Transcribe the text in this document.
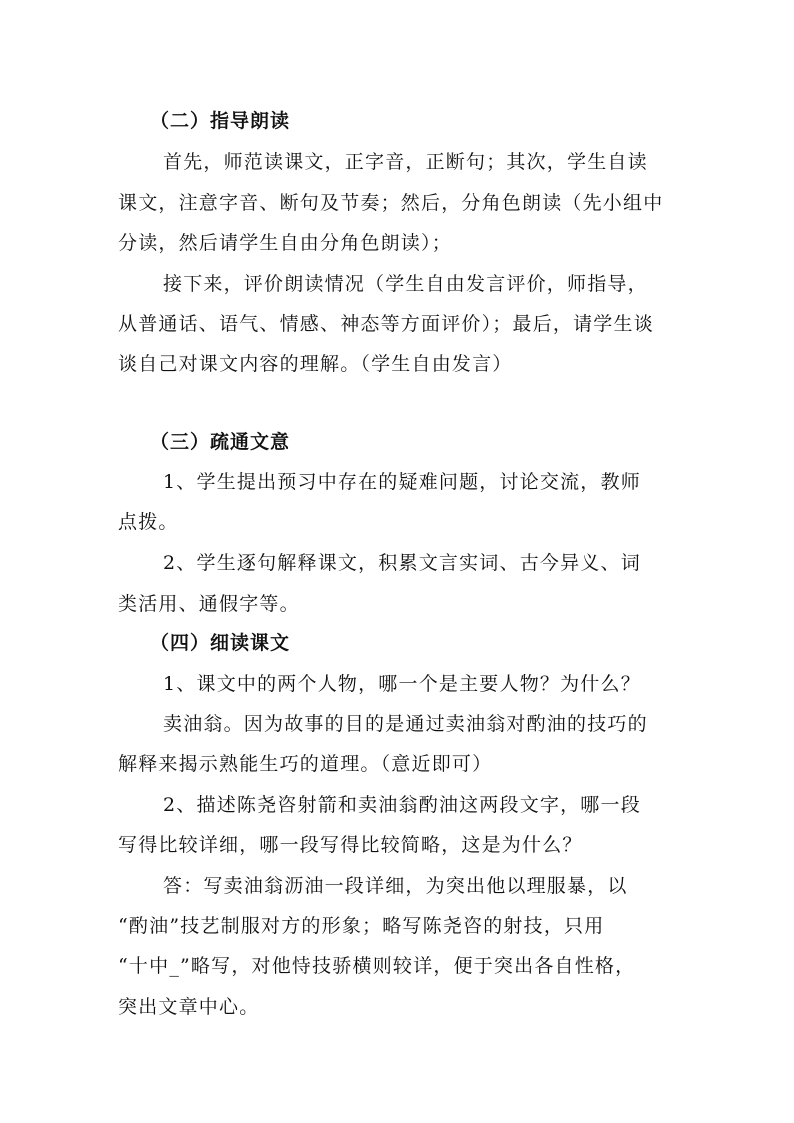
（二）指导朗读
首先，师范读课文，正字音，正断句；其次，学生自读
课文，注意字音、断句及节奏；然后，分角色朗读（先小组中
分读，然后请学生自由分角色朗读）；
接下来，评价朗读情况（学生自由发言评价，师指导，
从普通话、语气、情感、神态等方面评价）；最后，请学生谈
谈自己对课文内容的理解。（学生自由发言）
（三）疏通文意
1、学生提出预习中存在的疑难问题，讨论交流，教师
点拨。
2、学生逐句解释课文，积累文言实词、古今异义、词
类活用、通假字等。
（四）细读课文
1、课文中的两个人物，哪一个是主要人物？为什么？
卖油翁。因为故事的目的是通过卖油翁对酌油的技巧的
解释来揭示熟能生巧的道理。（意近即可）
2、描述陈尧咨射箭和卖油翁酌油这两段文字，哪一段
写得比较详细，哪一段写得比较简略，这是为什么？
答：写卖油翁沥油一段详细，为突出他以理服暴，以
“酌油”技艺制服对方的形象；略写陈尧咨的射技，只用
“十中_”略写，对他恃技骄横则较详，便于突出各自性格，
突出文章中心。
